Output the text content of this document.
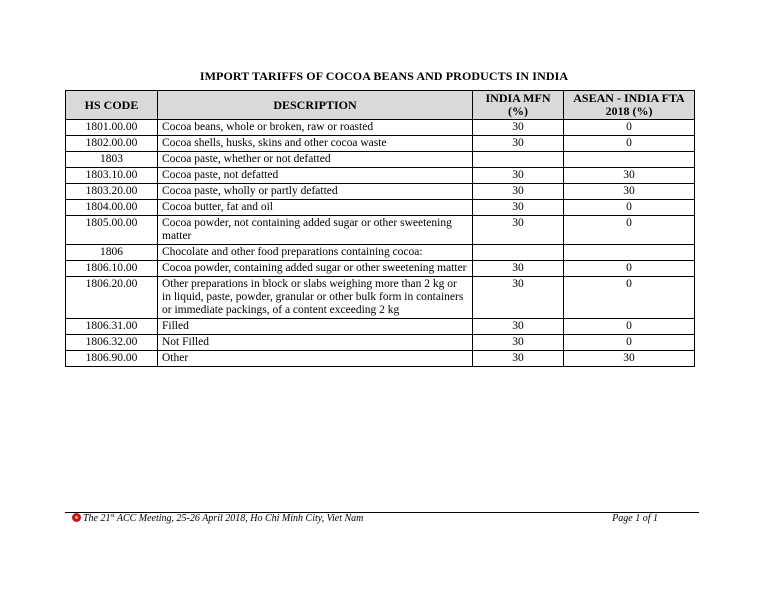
IMPORT TARIFFS OF COCOA BEANS AND PRODUCTS IN INDIA
HS CODE	DESCRIPTION	INDIA MFN (%)	ASEAN - INDIA FTA 2018 (%)
1801.00.00	Cocoa beans, whole or broken, raw or roasted	30	0
1802.00.00	Cocoa shells, husks, skins and other cocoa waste	30	0
1803	Cocoa paste, whether or not defatted		
1803.10.00	Cocoa paste, not defatted	30	30
1803.20.00	Cocoa paste, wholly or partly defatted	30	30
1804.00.00	Cocoa butter, fat and oil	30	0
1805.00.00	Cocoa powder, not containing added sugar or other sweetening matter	30	0
1806	Chocolate and other food preparations containing cocoa:		
1806.10.00	Cocoa powder, containing added sugar or other sweetening matter	30	0
1806.20.00	Other preparations in block or slabs weighing more than 2 kg or in liquid, paste, powder, granular or other bulk form in containers or immediate packings, of a content exceeding 2 kg	30	0
1806.31.00	Filled	30	0
1806.32.00	Not Filled	30	0
1806.90.00	Other	30	30
The 21st ACC Meeting, 25-26 April 2018, Ho Chi Minh City, Viet Nam	Page 1 of 1
